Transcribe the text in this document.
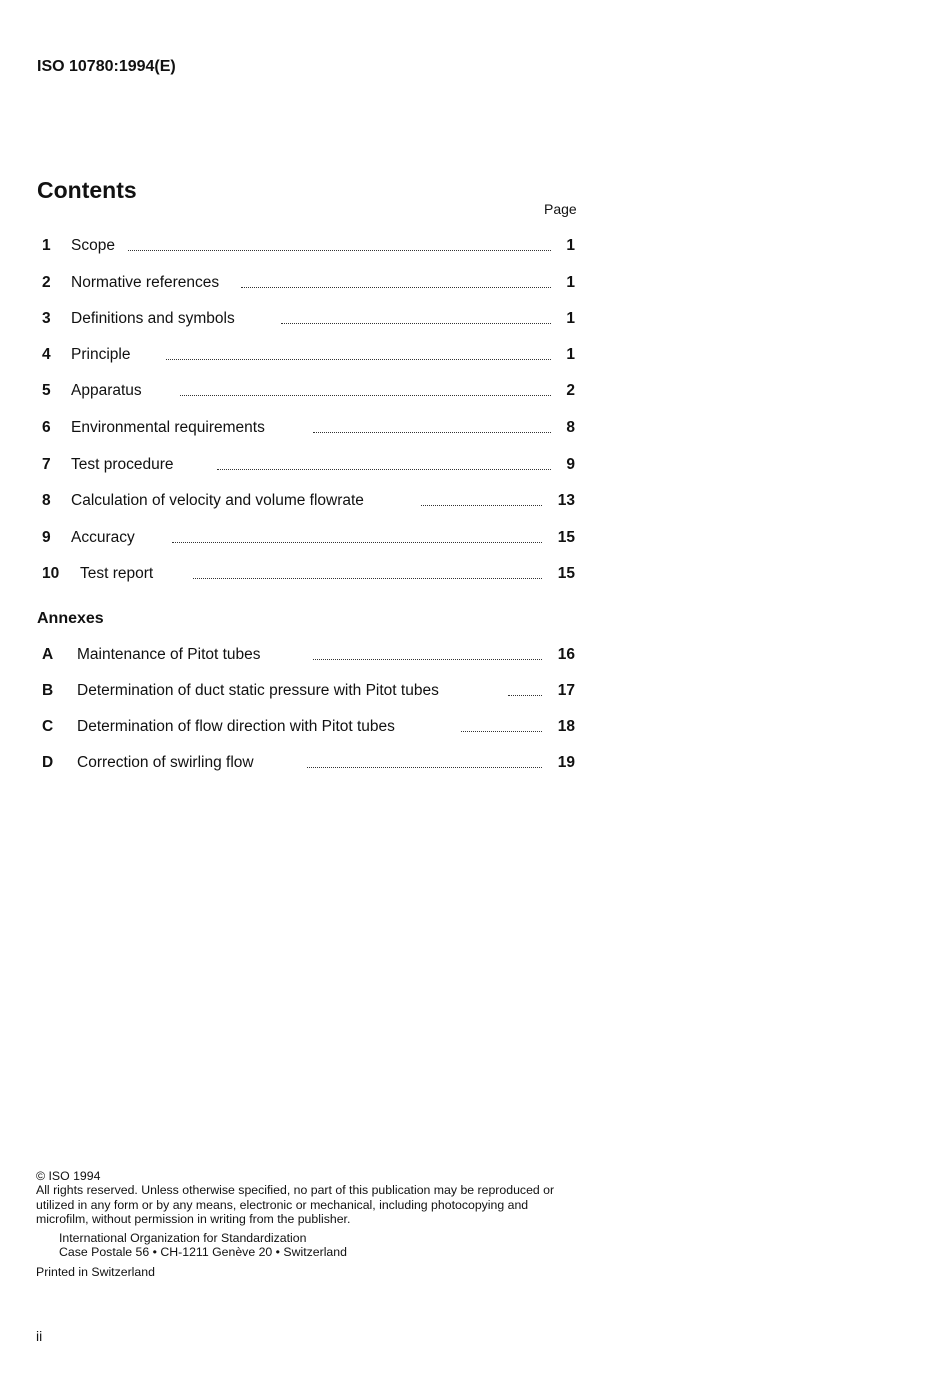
ISO 10780:1994(E)
Contents
Page
1 Scope	1
2 Normative references	1
3 Definitions and symbols	1
4 Principle	1
5 Apparatus	2
6 Environmental requirements	8
7 Test procedure	9
8 Calculation of velocity and volume flowrate	13
9 Accuracy	15
10 Test report	15
Annexes
A Maintenance of Pitot tubes	16
B Determination of duct static pressure with Pitot tubes	17
C Determination of flow direction with Pitot tubes	18
D Correction of swirling flow	19
© ISO 1994
All rights reserved. Unless otherwise specified, no part of this publication may be reproduced or utilized in any form or by any means, electronic or mechanical, including photocopying and microfilm, without permission in writing from the publisher.
International Organization for Standardization
Case Postale 56 • CH-1211 Genève 20 • Switzerland
Printed in Switzerland
ii
